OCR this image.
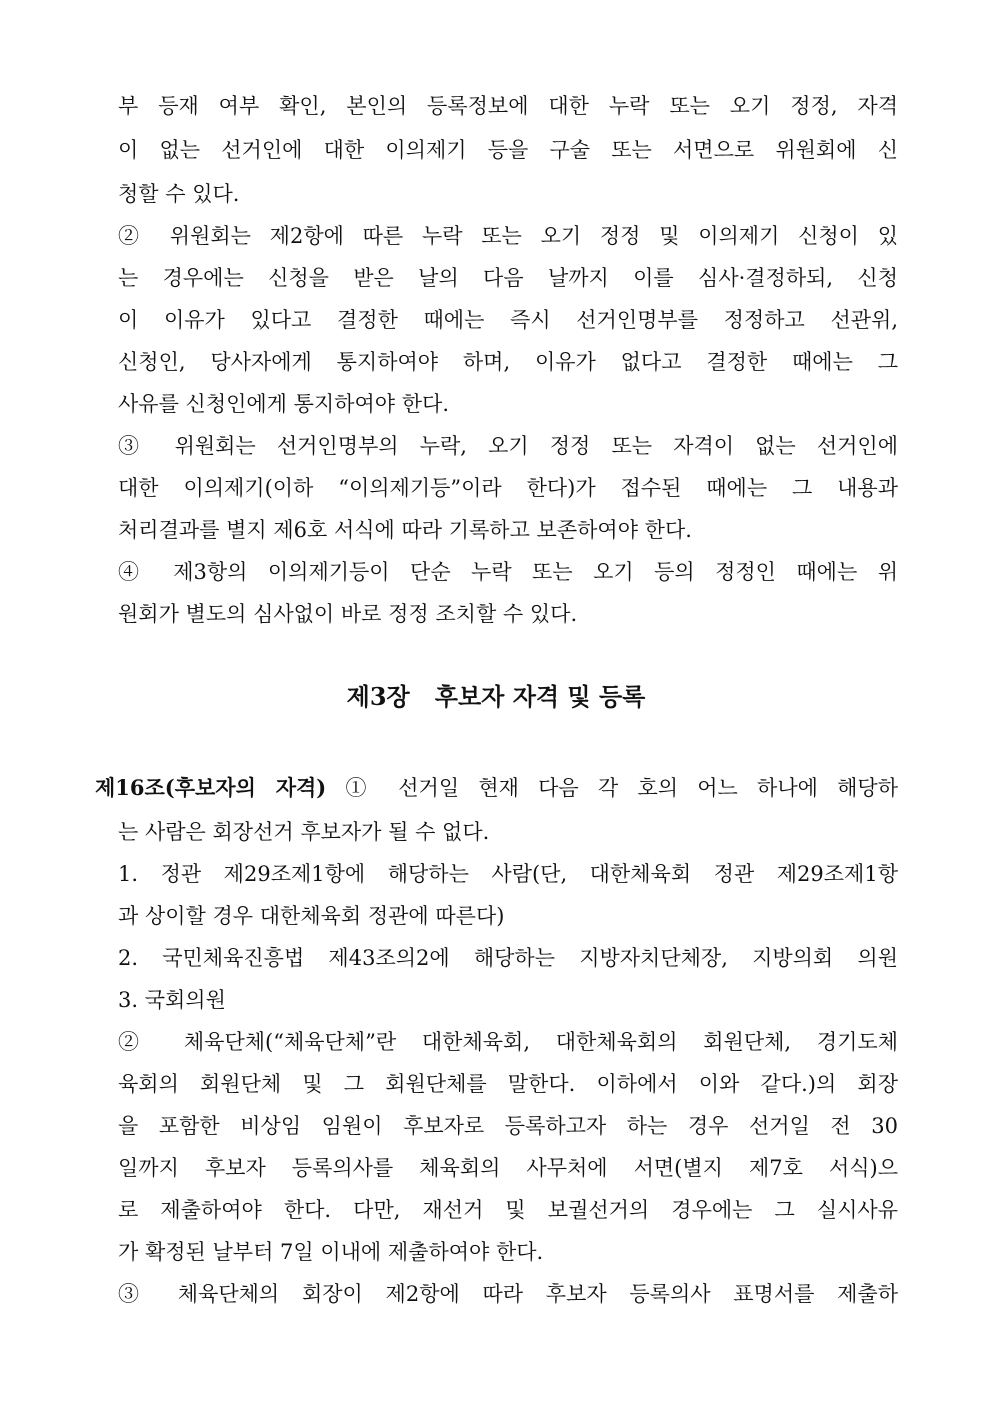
부 등재 여부 확인, 본인의 등록정보에 대한 누락 또는 오기 정정, 자격
이 없는 선거인에 대한 이의제기 등을 구술 또는 서면으로 위원회에 신
청할 수 있다.
② 위원회는 제2항에 따른 누락 또는 오기 정정 및 이의제기 신청이 있
는 경우에는 신청을 받은 날의 다음 날까지 이를 심사·결정하되, 신청
이 이유가 있다고 결정한 때에는 즉시 선거인명부를 정정하고 선관위,
신청인, 당사자에게 통지하여야 하며, 이유가 없다고 결정한 때에는 그
사유를 신청인에게 통지하여야 한다.
③ 위원회는 선거인명부의 누락, 오기 정정 또는 자격이 없는 선거인에
대한 이의제기(이하 “이의제기등”이라 한다)가 접수된 때에는 그 내용과
처리결과를 별지 제6호 서식에 따라 기록하고 보존하여야 한다.
④ 제3항의 이의제기등이 단순 누락 또는 오기 등의 정정인 때에는 위
원회가 별도의 심사없이 바로 정정 조치할 수 있다.
제3장   후보자 자격 및 등록
제16조(후보자의 자격) ① 선거일 현재 다음 각 호의 어느 하나에 해당하
는 사람은 회장선거 후보자가 될 수 없다.
1. 정관 제29조제1항에 해당하는 사람(단, 대한체육회 정관 제29조제1항
과 상이할 경우 대한체육회 정관에 따른다)
2. 국민체육진흥법 제43조의2에 해당하는 지방자치단체장, 지방의회 의원
3. 국회의원
② 체육단체(“체육단체”란 대한체육회, 대한체육회의 회원단체, 경기도체
육회의 회원단체 및 그 회원단체를 말한다. 이하에서 이와 같다.)의 회장
을 포함한 비상임 임원이 후보자로 등록하고자 하는 경우 선거일 전 30
일까지 후보자 등록의사를 체육회의 사무처에 서면(별지 제7호 서식)으
로 제출하여야 한다. 다만, 재선거 및 보궐선거의 경우에는 그 실시사유
가 확정된 날부터 7일 이내에 제출하여야 한다.
③ 체육단체의 회장이 제2항에 따라 후보자 등록의사 표명서를 제출하
